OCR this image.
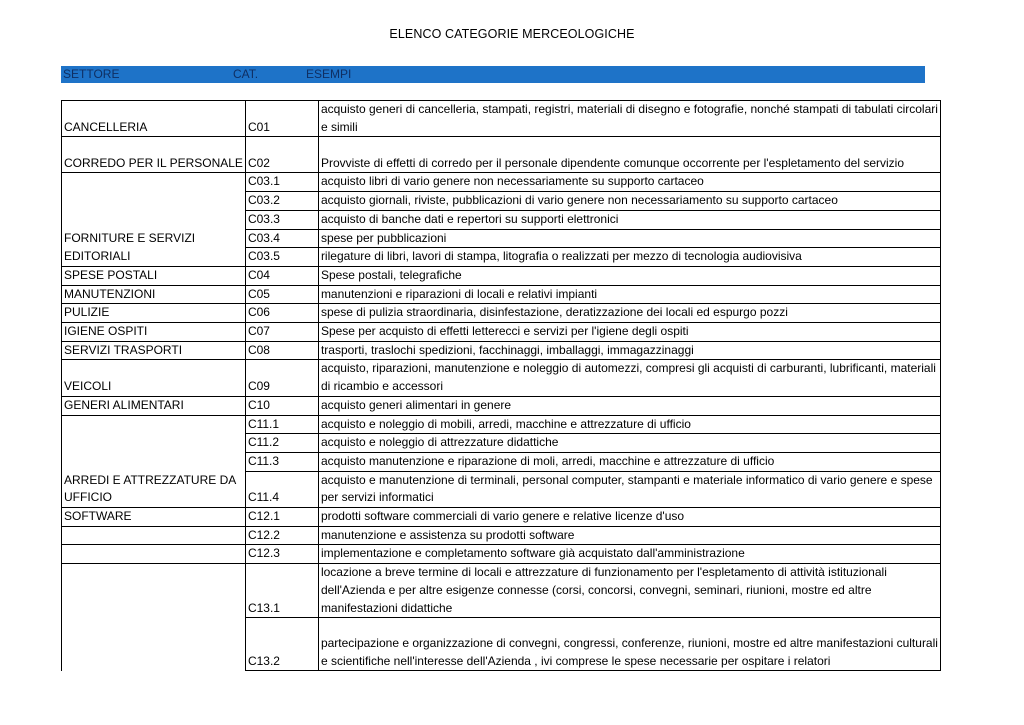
ELENCO CATEGORIE MERCEOLOGICHE
SETTORE	CAT.	ESEMPI
CANCELLERIA	C01	acquisto generi di cancelleria, stampati, registri, materiali di disegno e fotografie, nonché stampati di tabulati circolari e simili
CORREDO PER IL PERSONALE	C02	Provviste di effetti di corredo per il personale dipendente comunque occorrente per l'espletamento del servizio
	C03.1	acquisto libri di vario genere non necessariamente su supporto cartaceo
	C03.2	acquisto giornali, riviste, pubblicazioni di vario genere non necessariamento su supporto cartaceo
	C03.3	acquisto di banche dati e repertori su supporti elettronici
FORNITURE E SERVIZI	C03.4	spese per pubblicazioni
EDITORIALI	C03.5	rilegature di libri, lavori di stampa, litografia o realizzati per mezzo di tecnologia audiovisiva
SPESE POSTALI	C04	Spese postali, telegrafiche
MANUTENZIONI	C05	manutenzioni e riparazioni di locali e relativi impianti
PULIZIE	C06	spese di pulizia straordinaria, disinfestazione, deratizzazione dei locali ed espurgo pozzi
IGIENE OSPITI	C07	Spese per acquisto di effetti letterecci e servizi per l'igiene degli ospiti
SERVIZI TRASPORTI	C08	trasporti, traslochi spedizioni, facchinaggi, imballaggi, immagazzinaggi
VEICOLI	C09	acquisto, riparazioni, manutenzione e noleggio di automezzi, compresi gli acquisti di carburanti, lubrificanti, materiali di ricambio e accessori
GENERI ALIMENTARI	C10	acquisto generi alimentari in genere
	C11.1	acquisto e noleggio di mobili, arredi, macchine e attrezzature di ufficio
	C11.2	acquisto e noleggio di attrezzature didattiche
	C11.3	acquisto manutenzione e riparazione di moli, arredi, macchine e attrezzature di ufficio
ARREDI E ATTREZZATURE DA UFFICIO	C11.4	acquisto e manutenzione di terminali, personal computer, stampanti e materiale informatico di vario genere e spese per servizi informatici
SOFTWARE	C12.1	prodotti software commerciali di vario genere e relative licenze d'uso
	C12.2	manutenzione e assistenza su prodotti software
	C12.3	implementazione e completamento software già acquistato dall'amministrazione
	C13.1	locazione a breve termine di locali e attrezzature di funzionamento per l'espletamento di attività istituzionali dell'Azienda e per altre esigenze connesse (corsi, concorsi, convegni, seminari, riunioni, mostre ed altre manifestazioni didattiche
	C13.2	partecipazione e organizzazione di convegni, congressi, conferenze, riunioni, mostre ed altre manifestazioni culturali e scientifiche nell'interesse dell'Azienda , ivi comprese le spese necessarie per ospitare i relatori
